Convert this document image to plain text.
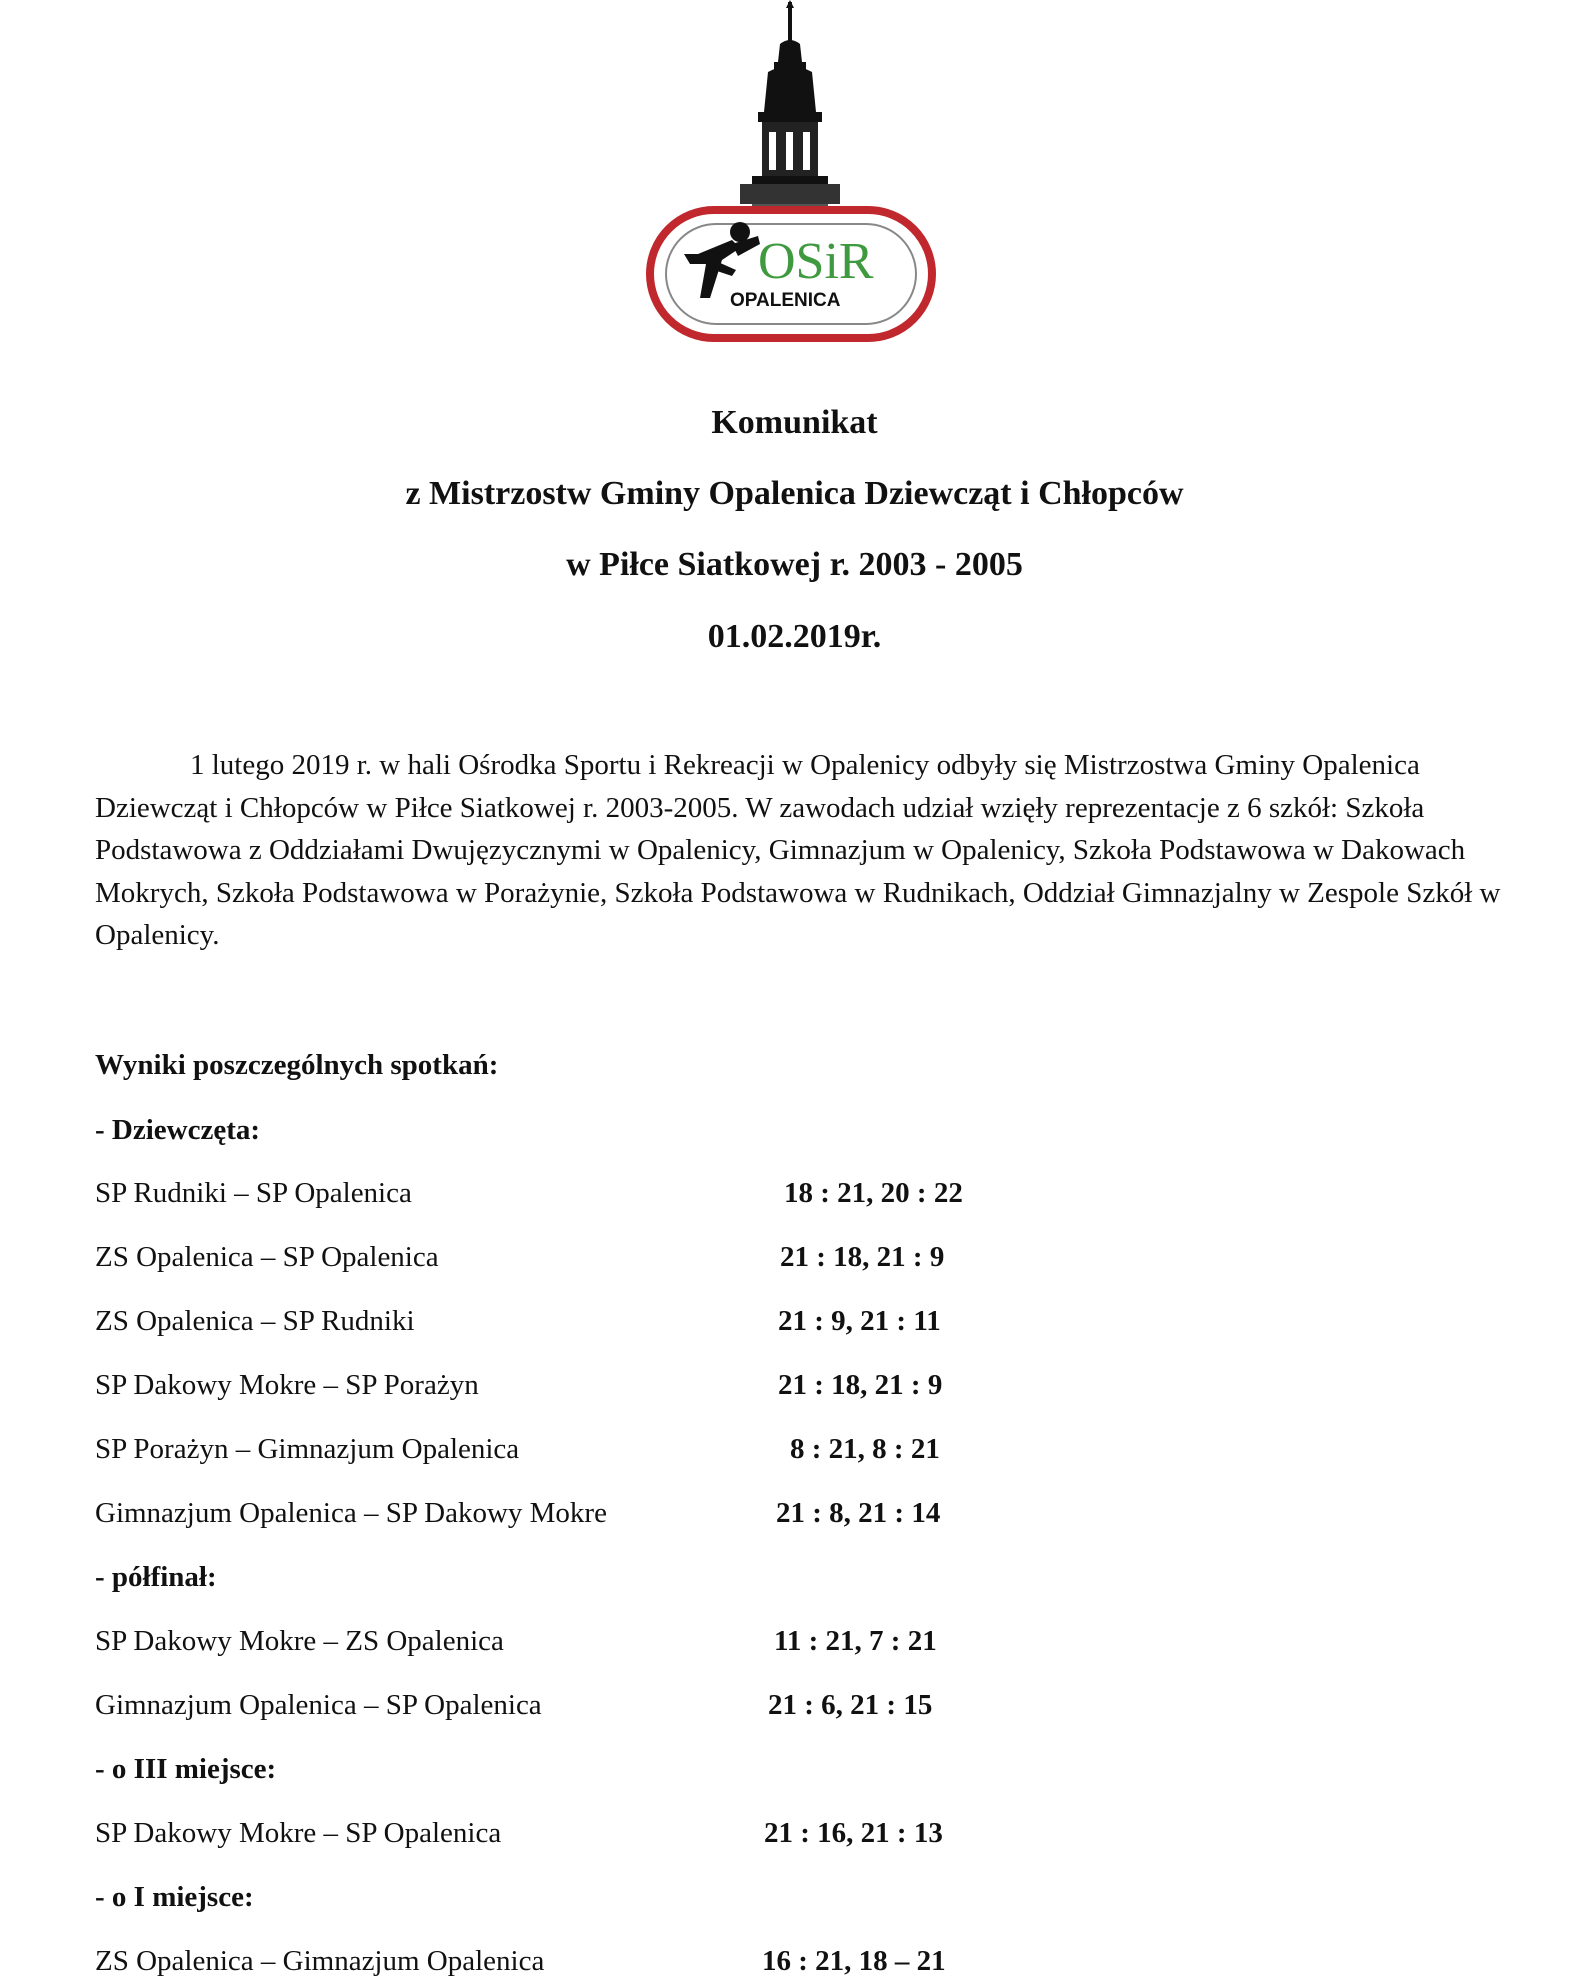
OSiR
OPALENICA
Komunikat
z Mistrzostw Gminy Opalenica Dziewcząt i Chłopców
w Piłce Siatkowej r. 2003 - 2005
01.02.2019r.

1 lutego 2019 r. w hali Ośrodka Sportu i Rekreacji w Opalenicy odbyły się Mistrzostwa Gminy Opalenica Dziewcząt i Chłopców w Piłce Siatkowej r. 2003-2005. W zawodach udział wzięły reprezentacje z 6 szkół: Szkoła Podstawowa z Oddziałami Dwujęzycznymi w Opalenicy, Gimnazjum w Opalenicy, Szkoła Podstawowa w Dakowach Mokrych, Szkoła Podstawowa w Porażynie, Szkoła Podstawowa w Rudnikach, Oddział Gimnazjalny w Zespole Szkół w Opalenicy.

Wyniki poszczególnych spotkań:
- Dziewczęta:
SP Rudniki – SP Opalenica	18 : 21, 20 : 22
ZS Opalenica – SP Opalenica	21 : 18, 21 : 9
ZS Opalenica – SP Rudniki	21 : 9, 21 : 11
SP Dakowy Mokre – SP Porażyn	21 : 18, 21 : 9
SP Porażyn – Gimnazjum Opalenica	8 : 21, 8 : 21
Gimnazjum Opalenica – SP Dakowy Mokre	21 : 8, 21 : 14
- półfinał:
SP Dakowy Mokre – ZS Opalenica	11 : 21, 7 : 21
Gimnazjum Opalenica – SP Opalenica	21 : 6, 21 : 15
- o III miejsce:
SP Dakowy Mokre – SP Opalenica	21 : 16, 21 : 13
- o I miejsce:
ZS Opalenica – Gimnazjum Opalenica	16 : 21, 18 – 21
